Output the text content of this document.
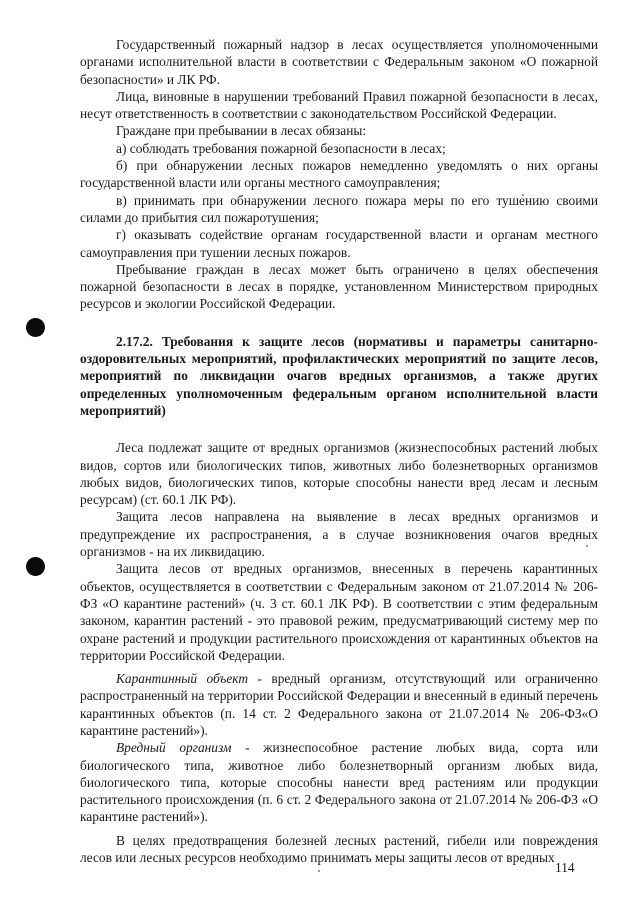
Государственный пожарный надзор в лесах осуществляется уполномоченными органами исполнительной власти в соответствии с Федеральным законом «О пожарной безопасности» и ЛК РФ.

Лица, виновные в нарушении требований Правил пожарной безопасности в лесах, несут ответственность в соответствии с законодательством Российской Федерации.

Граждане при пребывании в лесах обязаны:

а) соблюдать требования пожарной безопасности в лесах;

б) при обнаружении лесных пожаров немедленно уведомлять о них органы государственной власти или органы местного самоуправления;

в) принимать при обнаружении лесного пожара меры по его тушению своими силами до прибытия сил пожаротушения;

г) оказывать содействие органам государственной власти и органам местного самоуправления при тушении лесных пожаров.

Пребывание граждан в лесах может быть ограничено в целях обеспечения пожарной безопасности в лесах в порядке, установленном Министерством природных ресурсов и экологии Российской Федерации.

2.17.2. Требования к защите лесов (нормативы и параметры санитарно-оздоровительных мероприятий, профилактических мероприятий по защите лесов, мероприятий по ликвидации очагов вредных организмов, а также других определенных уполномоченным федеральным органом исполнительной власти мероприятий)

Леса подлежат защите от вредных организмов (жизнеспособных растений любых видов, сортов или биологических типов, животных либо болезнетворных организмов любых видов, биологических типов, которые способны нанести вред лесам и лесным ресурсам) (ст. 60.1 ЛК РФ).

Защита лесов направлена на выявление в лесах вредных организмов и предупреждение их распространения, а в случае возникновения очагов вредных организмов - на их ликвидацию.

Защита лесов от вредных организмов, внесенных в перечень карантинных объектов, осуществляется в соответствии с Федеральным законом от 21.07.2014 № 206-ФЗ «О карантине растений» (ч. 3 ст. 60.1 ЛК РФ). В соответствии с этим федеральным законом, карантин растений - это правовой режим, предусматривающий систему мер по охране растений и продукции растительного происхождения от карантинных объектов на территории Российской Федерации.

Карантинный объект - вредный организм, отсутствующий или ограниченно распространенный на территории Российской Федерации и внесенный в единый перечень карантинных объектов (п. 14 ст. 2 Федерального закона от 21.07.2014 № 206-ФЗ«О карантине растений»).

Вредный организм - жизнеспособное растение любых вида, сорта или биологического типа, животное либо болезнетворный организм любых вида, биологического типа, которые способны нанести вред растениям или продукции растительного происхождения (п. 6 ст. 2 Федерального закона от 21.07.2014 № 206-ФЗ «О карантине растений»).

В целях предотвращения болезней лесных растений, гибели или повреждения лесов или лесных ресурсов необходимо принимать меры защиты лесов от вредных

114
